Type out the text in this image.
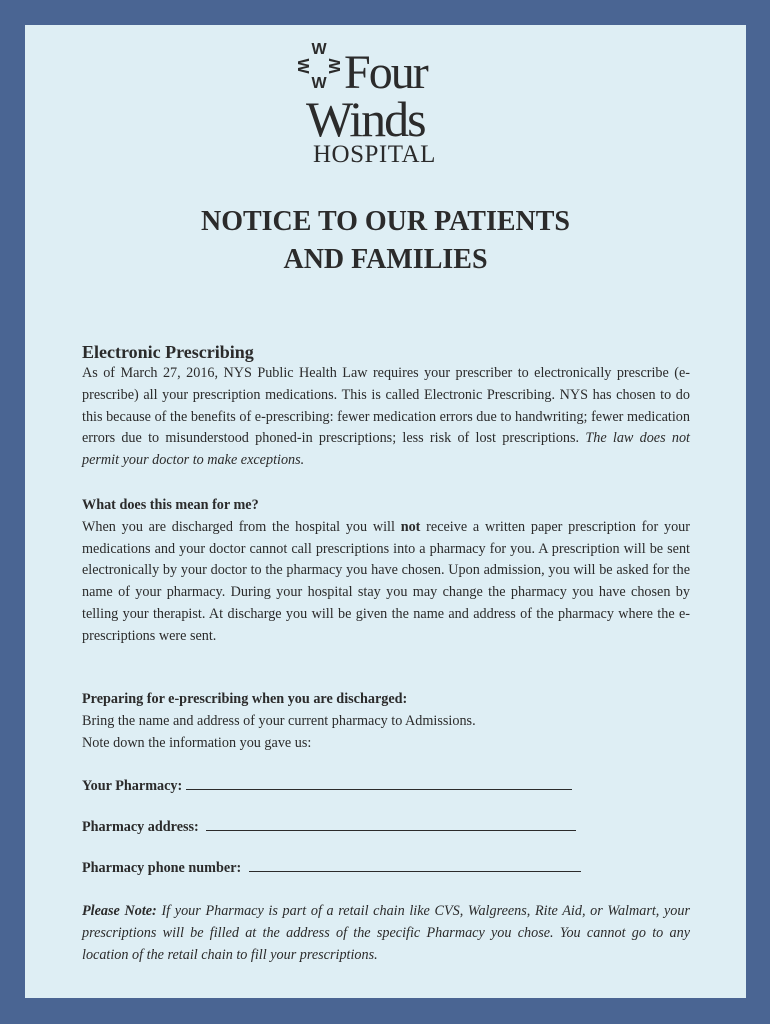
W
W
W W Four
Winds
HOSPITAL
NOTICE TO OUR PATIENTS
AND FAMILIES
Electronic Prescribing
As of March 27, 2016, NYS Public Health Law requires your prescriber to electronically prescribe (e-prescribe) all your prescription medications. This is called Electronic Prescribing. NYS has chosen to do this because of the benefits of e-prescribing: fewer medication errors due to handwriting; fewer medication errors due to misunderstood phoned-in prescriptions; less risk of lost prescriptions. The law does not permit your doctor to make exceptions.
What does this mean for me?
When you are discharged from the hospital you will not receive a written paper prescription for your medications and your doctor cannot call prescriptions into a pharmacy for you. A prescription will be sent electronically by your doctor to the pharmacy you have chosen. Upon admission, you will be asked for the name of your pharmacy. During your hospital stay you may change the pharmacy you have chosen by telling your therapist. At discharge you will be given the name and address of the pharmacy where the e-prescriptions were sent.
Preparing for e-prescribing when you are discharged:
Bring the name and address of your current pharmacy to Admissions.
Note down the information you gave us:
Your Pharmacy:
Pharmacy address:
Pharmacy phone number:
Please Note: If your Pharmacy is part of a retail chain like CVS, Walgreens, Rite Aid, or Walmart, your prescriptions will be filled at the address of the specific Pharmacy you chose. You cannot go to any location of the retail chain to fill your prescriptions.
